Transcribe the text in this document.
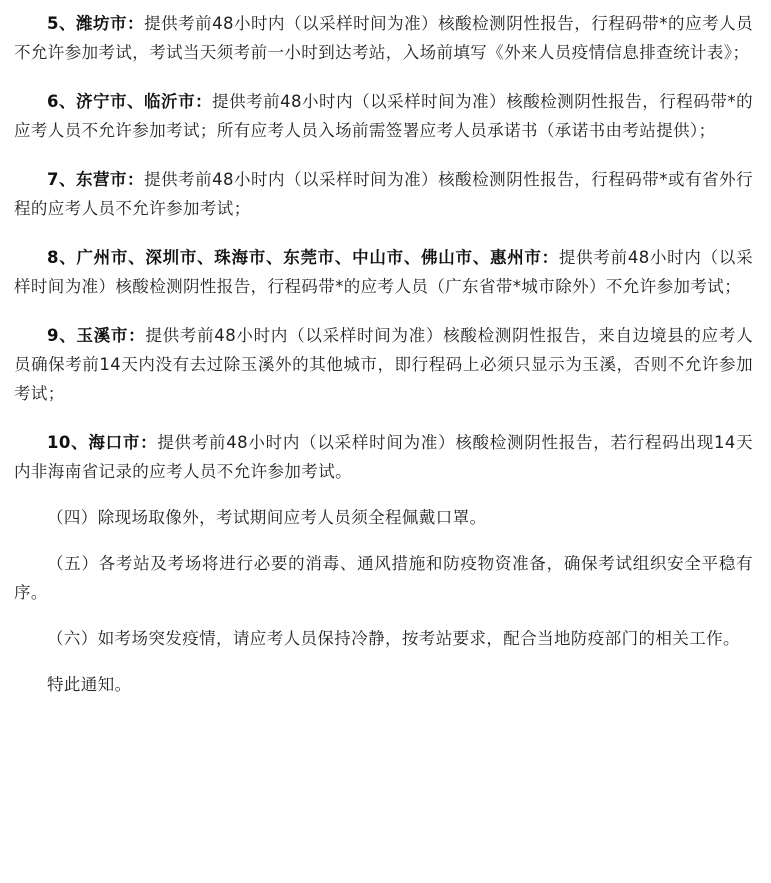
5、潍坊市：提供考前48小时内（以采样时间为准）核酸检测阴性报告，行程码带*的应考人员不允许参加考试，考试当天须考前一小时到达考站，入场前填写《外来人员疫情信息排查统计表》；

6、济宁市、临沂市：提供考前48小时内（以采样时间为准）核酸检测阴性报告，行程码带*的应考人员不允许参加考试；所有应考人员入场前需签署应考人员承诺书（承诺书由考站提供）；

7、东营市：提供考前48小时内（以采样时间为准）核酸检测阴性报告，行程码带*或有省外行程的应考人员不允许参加考试；

8、广州市、深圳市、珠海市、东莞市、中山市、佛山市、惠州市：提供考前48小时内（以采样时间为准）核酸检测阴性报告，行程码带*的应考人员（广东省带*城市除外）不允许参加考试；

9、玉溪市：提供考前48小时内（以采样时间为准）核酸检测阴性报告，来自边境县的应考人员确保考前14天内没有去过除玉溪外的其他城市，即行程码上必须只显示为玉溪，否则不允许参加考试；

10、海口市：提供考前48小时内（以采样时间为准）核酸检测阴性报告，若行程码出现14天内非海南省记录的应考人员不允许参加考试。

（四）除现场取像外，考试期间应考人员须全程佩戴口罩。

（五）各考站及考场将进行必要的消毒、通风措施和防疫物资准备，确保考试组织安全平稳有序。

（六）如考场突发疫情，请应考人员保持冷静，按考站要求，配合当地防疫部门的相关工作。

特此通知。
